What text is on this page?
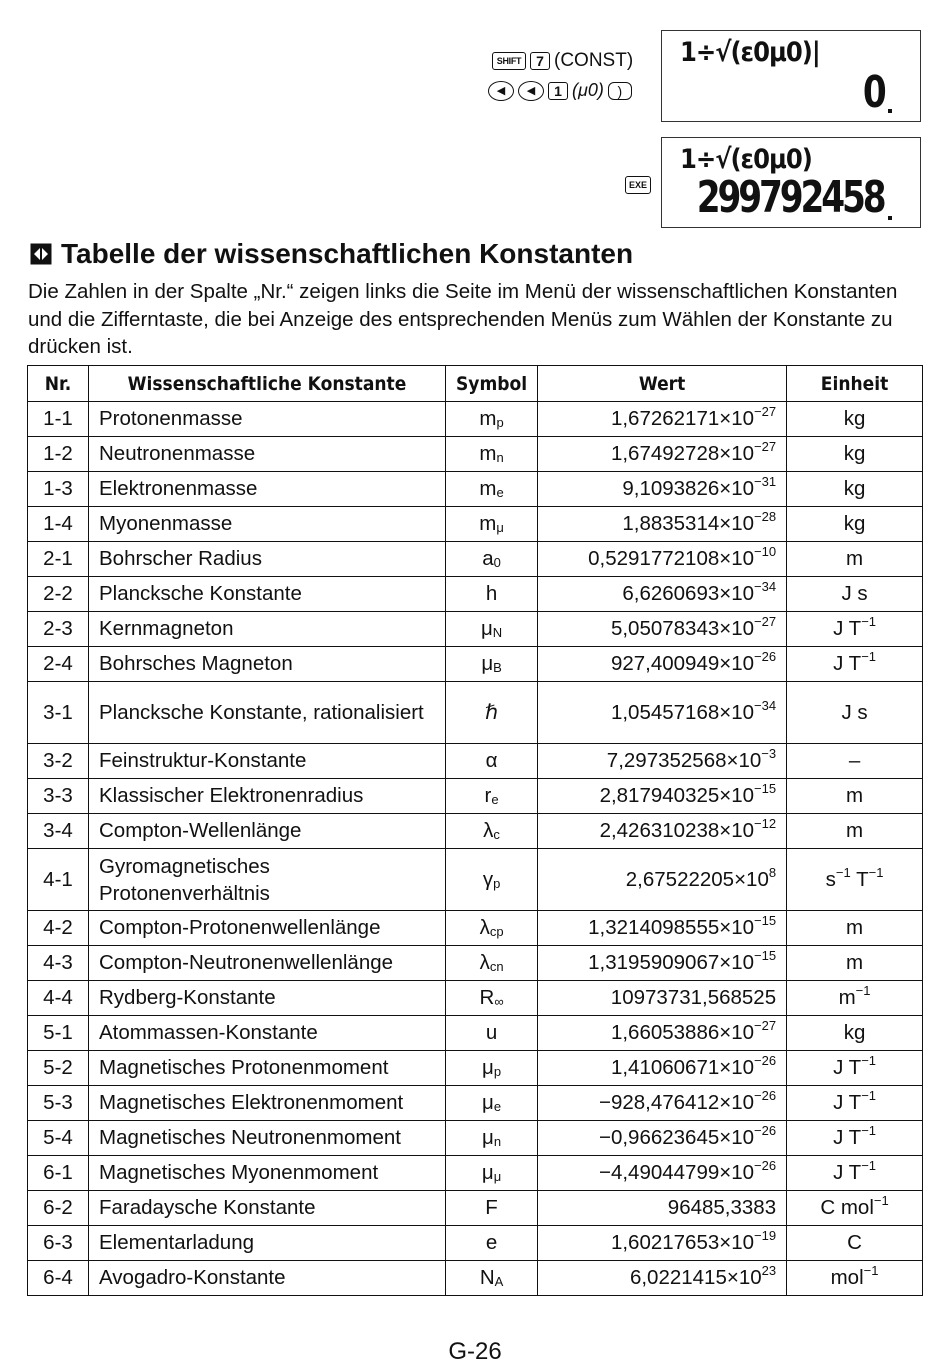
SHIFT	7 (CONST)
◀	◀	1 (μ0) )
EXE
1÷√(ε0μ0)|
0
1÷√(ε0μ0)
299792458
Tabelle der wissenschaftlichen Konstanten

Die Zahlen in der Spalte „Nr.“ zeigen links die Seite im Menü der wissenschaftlichen Konstanten und die Zifferntaste, die bei Anzeige des entsprechenden Menüs zum Wählen der Konstante zu drücken ist.

Nr.	Wissenschaftliche Konstante	Symbol	Wert	Einheit
1-1	Protonenmasse	$m_p$	$1,67262171\times 10^{-27}$	kg
1-2	Neutronenmasse	$m_n$	$1,67492728\times 10^{-27}$	kg
1-3	Elektronenmasse	$m_e$	$9,1093826\times 10^{-31}$	kg
1-4	Myonenmasse	$m_\mu$	$1,8835314\times 10^{-28}$	kg
2-1	Bohrscher Radius	$a_0$	$0,5291772108\times 10^{-10}$	m
2-2	Plancksche Konstante	h	$6,6260693\times 10^{-34}$	J s
2-3	Kernmagneton	$\mu_N$	$5,05078343\times 10^{-27}$	J $T^{-1}$
2-4	Bohrsches Magneton	$\mu_B$	$927,400949\times 10^{-26}$	J $T^{-1}$
3-1	Plancksche Konstante, rationalisiert	ℏ	$1,05457168\times 10^{-34}$	J s
3-2	Feinstruktur-Konstante	α	$7,297352568\times 10^{-3}$	–
3-3	Klassischer Elektronenradius	$r_e$	$2,817940325\times 10^{-15}$	m
3-4	Compton-Wellenlänge	$\lambda_c$	$2,426310238\times 10^{-12}$	m
4-1	Gyromagnetisches Protonenverhältnis	$\gamma_p$	$2,67522205\times 10^8$	$s^{-1}$ $T^{-1}$
4-2	Compton-Protonenwellenlänge	$\lambda_{cp}$	$1,3214098555\times 10^{-15}$	m
4-3	Compton-Neutronenwellenlänge	$\lambda_{cn}$	$1,3195909067\times 10^{-15}$	m
4-4	Rydberg-Konstante	$R_\infty$	10973731,568525	$m^{-1}$
5-1	Atommassen-Konstante	u	$1,66053886\times 10^{-27}$	kg
5-2	Magnetisches Protonenmoment	$\mu_p$	$1,41060671\times 10^{-26}$	J $T^{-1}$
5-3	Magnetisches Elektronenmoment	$\mu_e$	$-928,476412\times 10^{-26}$	J $T^{-1}$
5-4	Magnetisches Neutronenmoment	$\mu_n$	$-0,96623645\times 10^{-26}$	J $T^{-1}$
6-1	Magnetisches Myonenmoment	$\mu_\mu$	$-4,49044799\times 10^{-26}$	J $T^{-1}$
6-2	Faradaysche Konstante	F	96485,3383	C mol$^{-1}$
6-3	Elementarladung	e	$1,60217653\times 10^{-19}$	C
6-4	Avogadro-Konstante	$N_A$	$6,0221415\times 10^{23}$	mol$^{-1}$
G-26
